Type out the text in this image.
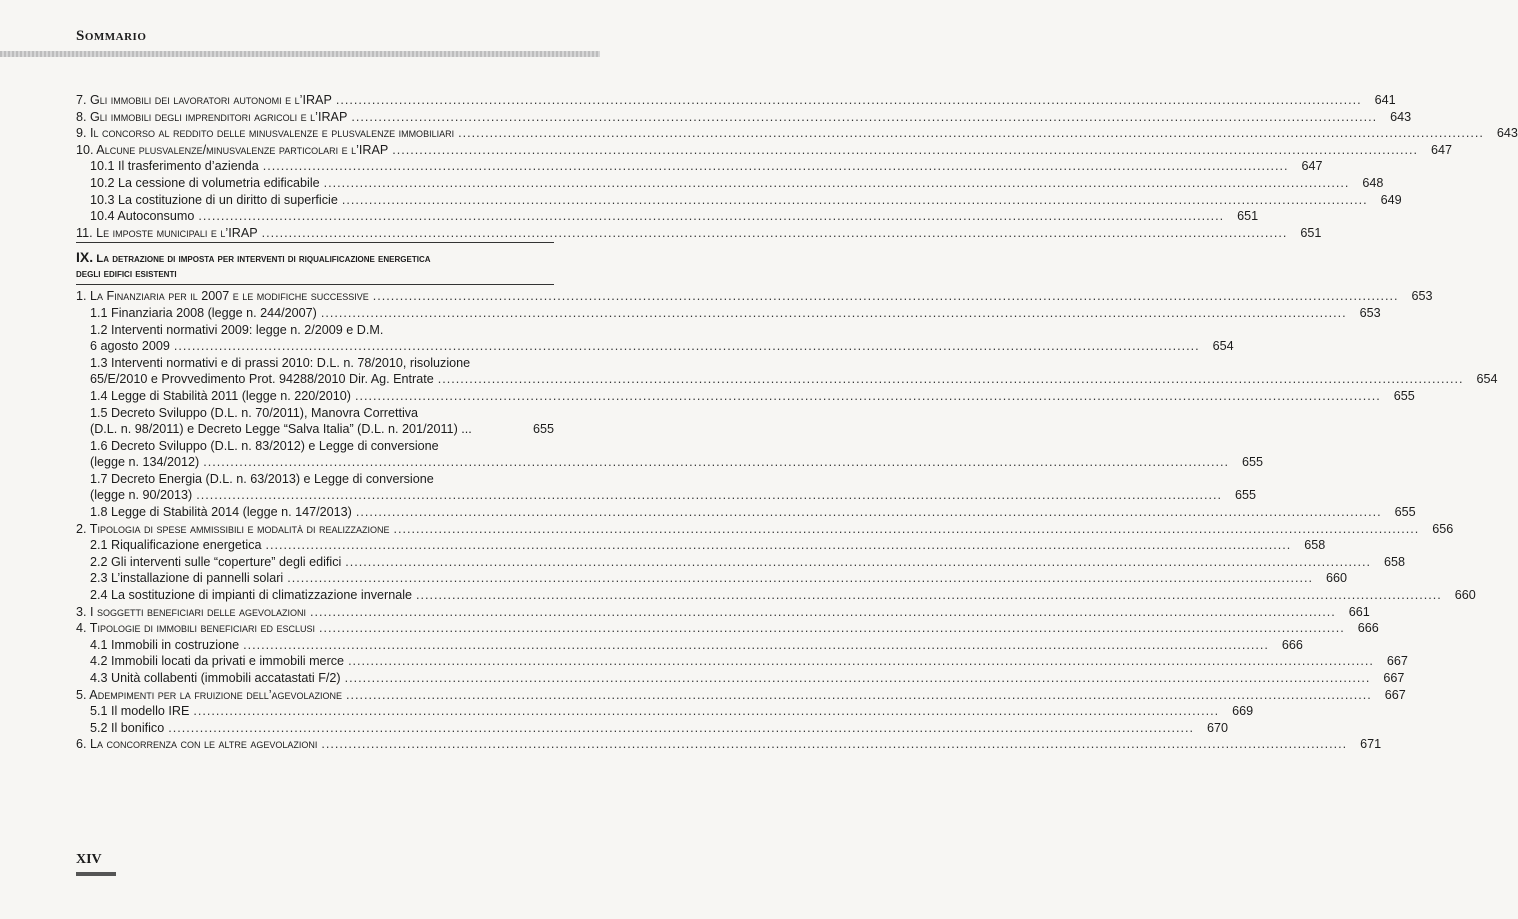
Sommario
7. Gli immobili dei lavoratori autonomi e l’IRAP .....	641
8. Gli immobili degli imprenditori agricoli e l’IRAP .....	643
9. Il concorso al reddito delle minusvalenze e plusvalenze immobiliari .....	643
10. Alcune plusvalenze/minusvalenze particolari e l’IRAP .....	647
10.1 Il trasferimento d’azienda .....	647
10.2 La cessione di volumetria edificabile .....	648
10.3 La costituzione di un diritto di superficie .....	649
10.4 Autoconsumo .....	651
11. Le imposte municipali e l’IRAP .....	651
IX. La detrazione di imposta per interventi di riqualificazione energetica
degli edifici esistenti
1. La Finanziaria per il 2007 e le modifiche successive .....	653
1.1 Finanziaria 2008 (legge n. 244/2007) .....	653
1.2 Interventi normativi 2009: legge n. 2/2009 e D.M.
6 agosto 2009 .....	654
1.3 Interventi normativi e di prassi 2010: D.L. n. 78/2010, risoluzione
65/E/2010 e Provvedimento Prot. 94288/2010 Dir. Ag. Entrate .....	654
1.4 Legge di Stabilità 2011 (legge n. 220/2010) .....	655
1.5 Decreto Sviluppo (D.L. n. 70/2011), Manovra Correttiva
(D.L. n. 98/2011) e Decreto Legge “Salva Italia” (D.L. n. 201/2011) ...	655
1.6 Decreto Sviluppo (D.L. n. 83/2012) e Legge di conversione
(legge n. 134/2012) .....	655
1.7 Decreto Energia (D.L. n. 63/2013) e Legge di conversione
(legge n. 90/2013) .....	655
1.8 Legge di Stabilità 2014 (legge n. 147/2013) .....	655
2. Tipologia di spese ammissibili e modalità di realizzazione .....	656
2.1 Riqualificazione energetica .....	658
2.2 Gli interventi sulle “coperture” degli edifici .....	658
2.3 L’installazione di pannelli solari .....	660
2.4 La sostituzione di impianti di climatizzazione invernale .....	660
3. I soggetti beneficiari delle agevolazioni .....	661
4. Tipologie di immobili beneficiari ed esclusi .....	666
4.1 Immobili in costruzione .....	666
4.2 Immobili locati da privati e immobili merce .....	667
4.3 Unità collabenti (immobili accatastati F/2) .....	667
5. Adempimenti per la fruizione dell’agevolazione .....	667
5.1 Il modello IRE .....	669
5.2 Il bonifico .....	670
6. La concorrenza con le altre agevolazioni .....	671
XIV
